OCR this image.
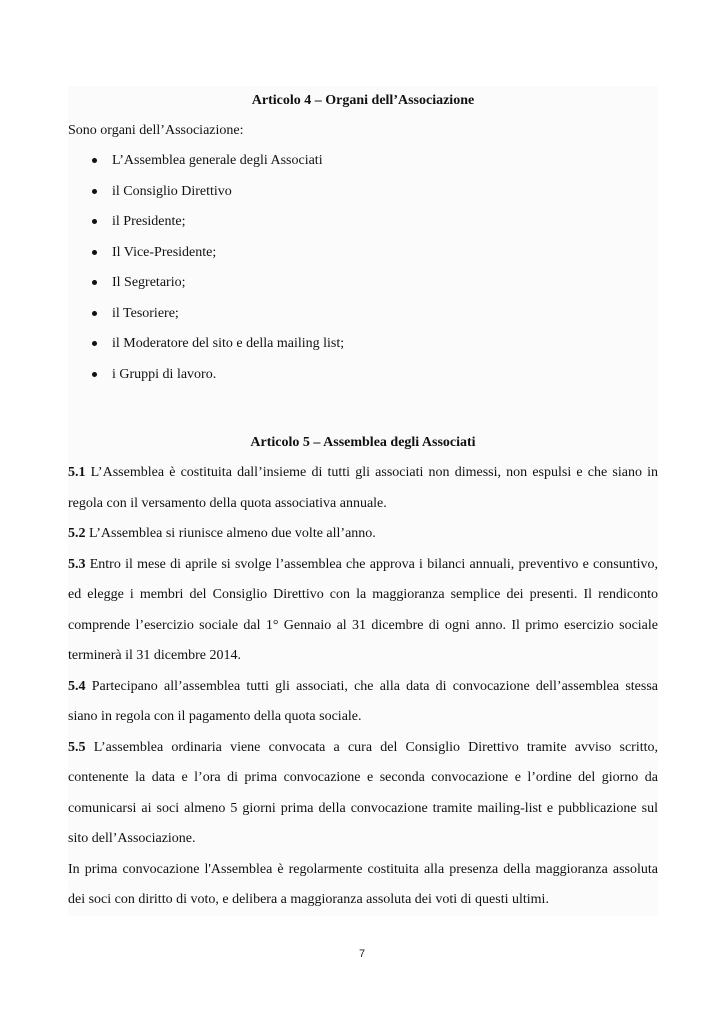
Articolo 4 – Organi dell’Associazione

Sono organi dell’Associazione:

L’Assemblea generale degli Associati
il Consiglio Direttivo
il Presidente;
Il Vice-Presidente;
Il Segretario;
il Tesoriere;
il Moderatore del sito e della mailing list;
i Gruppi di lavoro.

Articolo 5 – Assemblea degli Associati

5.1 L’Assemblea è costituita dall’insieme di tutti gli associati non dimessi, non espulsi e che siano in regola con il versamento della quota associativa annuale.

5.2 L’Assemblea si riunisce almeno due volte all’anno.

5.3 Entro il mese di aprile si svolge l’assemblea che approva i bilanci annuali, preventivo e consuntivo, ed elegge i membri del Consiglio Direttivo con la maggioranza semplice dei presenti. Il rendiconto comprende l’esercizio sociale dal 1° Gennaio al 31 dicembre di ogni anno. Il primo esercizio sociale terminerà il 31 dicembre 2014.

5.4 Partecipano all’assemblea tutti gli associati, che alla data di convocazione dell’assemblea stessa siano in regola con il pagamento della quota sociale.

5.5 L’assemblea ordinaria viene convocata a cura del Consiglio Direttivo tramite avviso scritto, contenente la data e l’ora di prima convocazione e seconda convocazione e l’ordine del giorno da comunicarsi ai soci almeno 5 giorni prima della convocazione tramite mailing-list e pubblicazione sul sito dell’Associazione.

In prima convocazione l'Assemblea è regolarmente costituita alla presenza della maggioranza assoluta dei soci con diritto di voto, e delibera a maggioranza assoluta dei voti di questi ultimi.

7
